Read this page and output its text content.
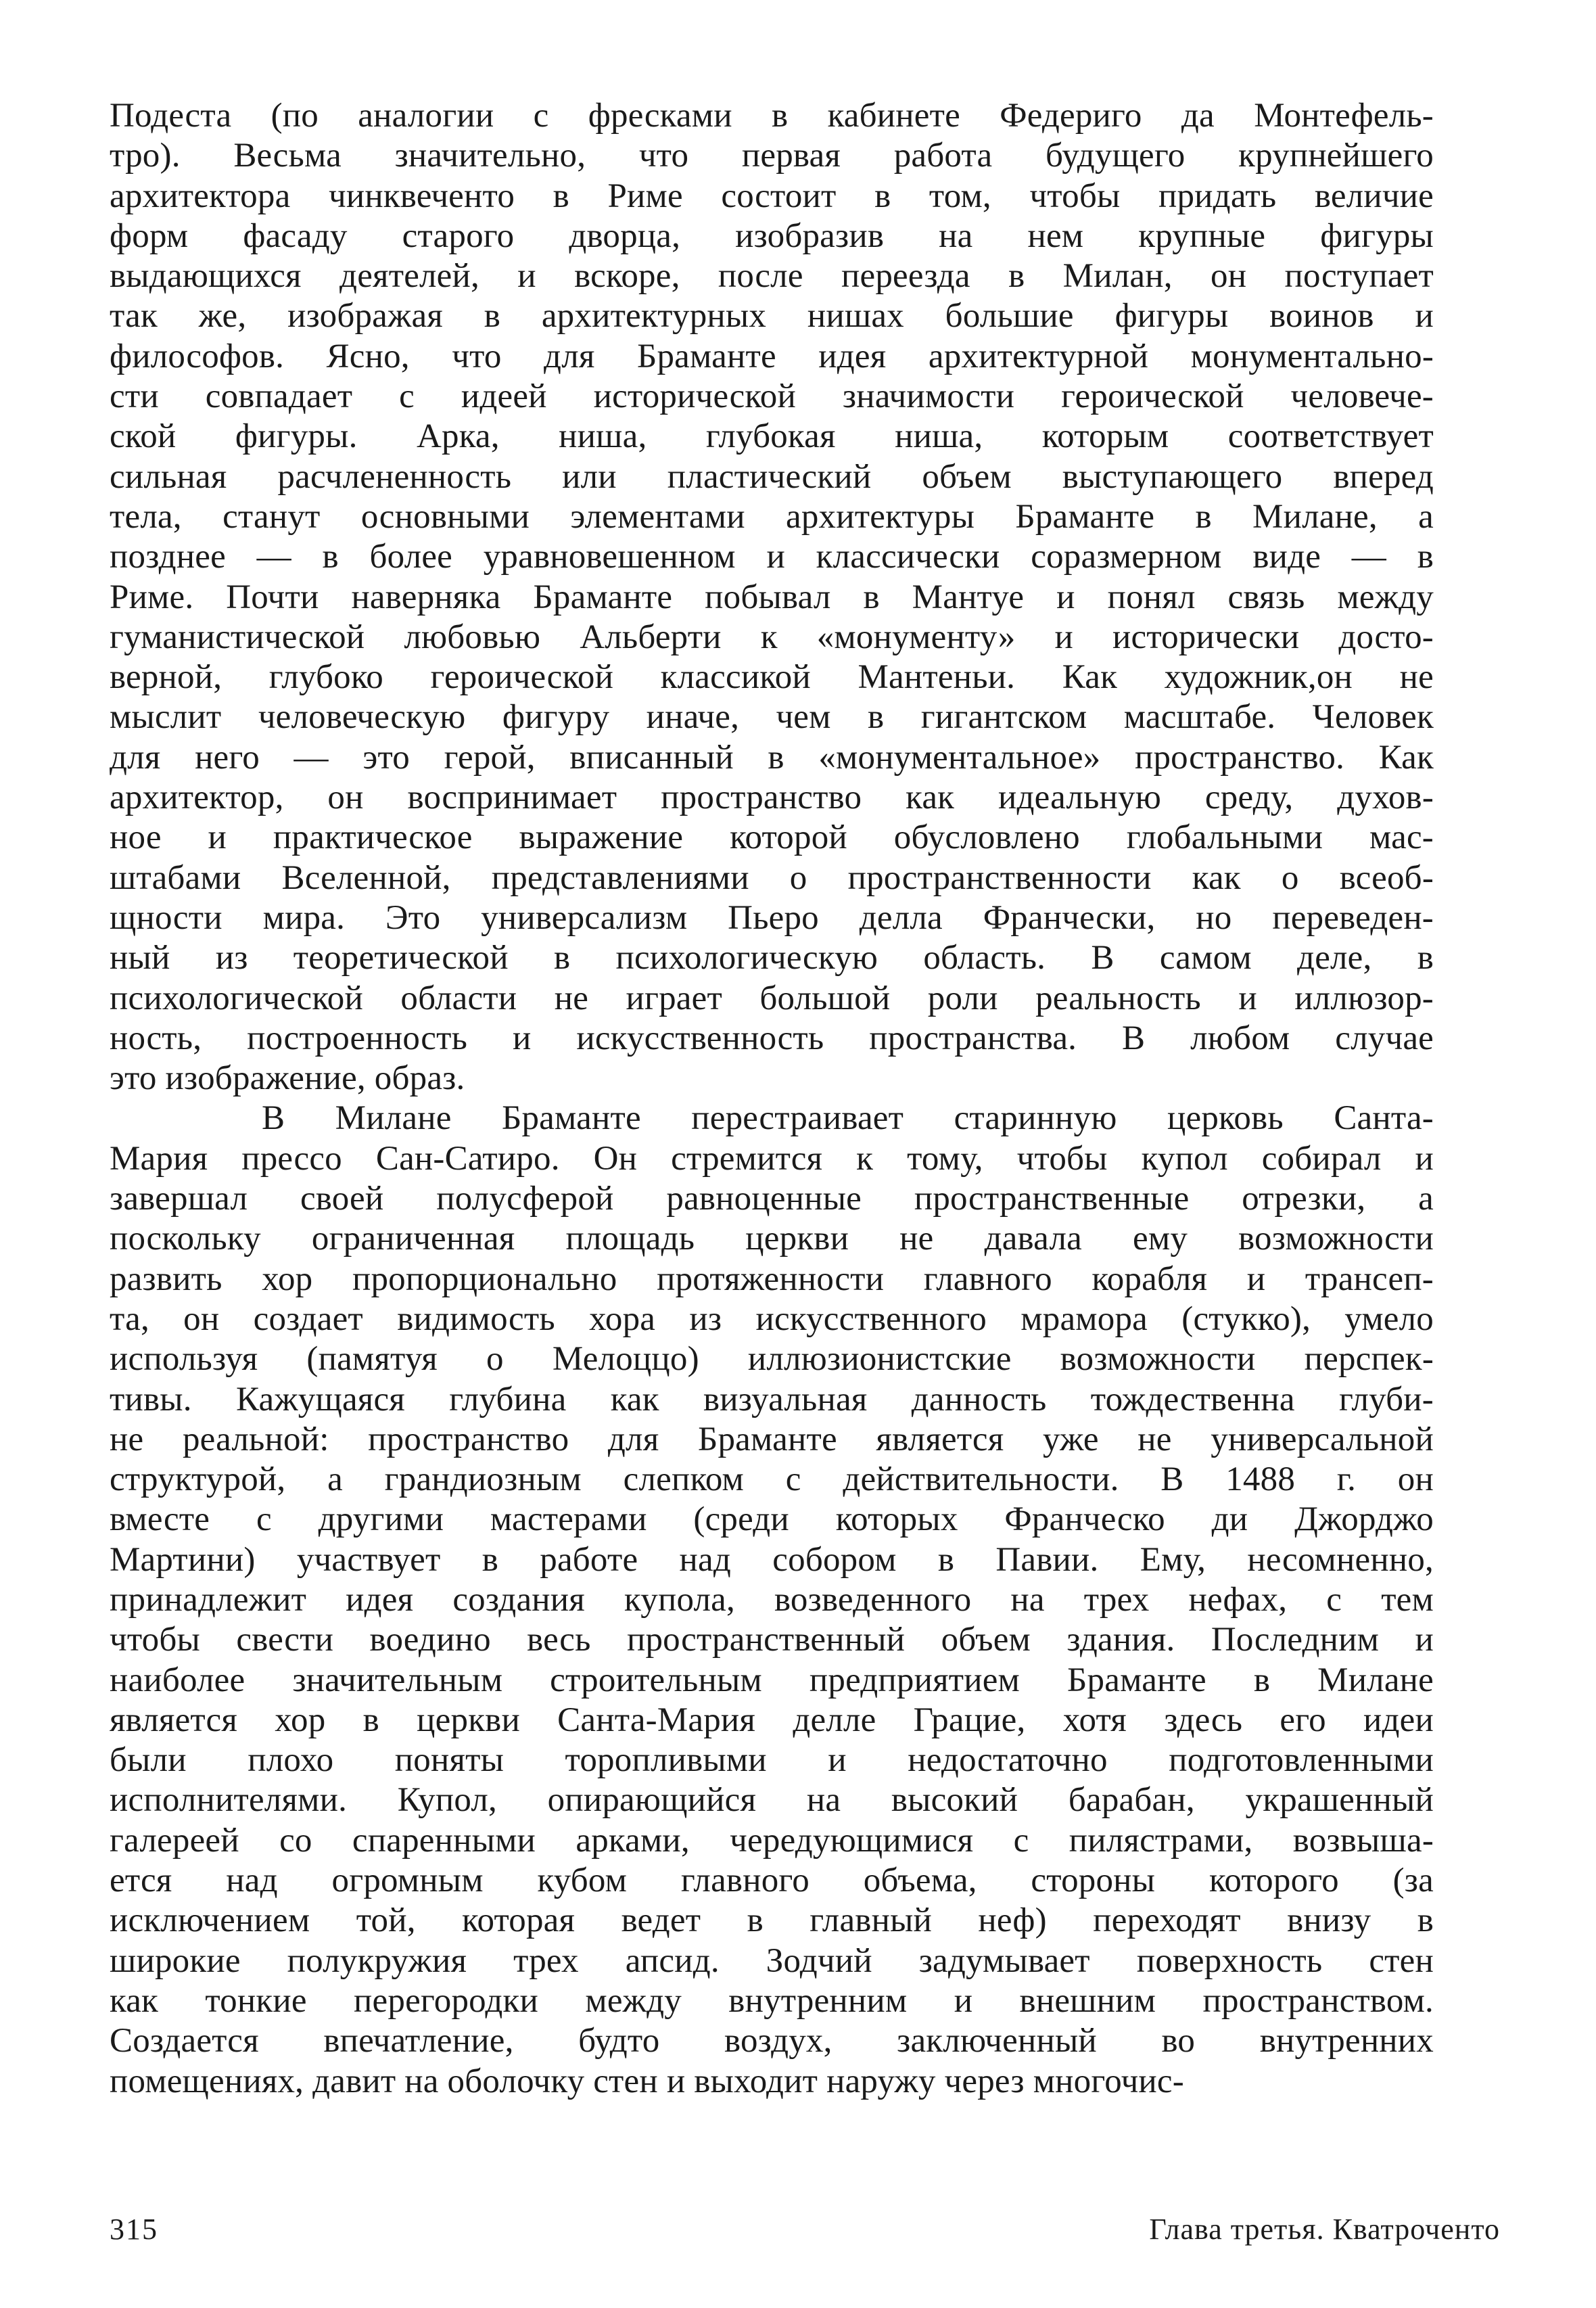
Подеста (по аналогии с фресками в кабинете Федериго да Монтефель-
тро). Весьма значительно, что первая работа будущего крупнейшего
архитектора чинквеченто в Риме состоит в том, чтобы придать величие
форм фасаду старого дворца, изобразив на нем крупные фигуры
выдающихся деятелей, и вскоре, после переезда в Милан, он поступает
так же, изображая в архитектурных нишах большие фигуры воинов и
философов. Ясно, что для Браманте идея архитектурной монументально-
сти совпадает с идеей исторической значимости героической человече-
ской фигуры. Арка, ниша, глубокая ниша, которым соответствует
сильная расчлененность или пластический объем выступающего вперед
тела, станут основными элементами архитектуры Браманте в Милане, а
позднее — в более уравновешенном и классически соразмерном виде — в
Риме. Почти наверняка Браманте побывал в Мантуе и понял связь между
гуманистической любовью Альберти к «монументу» и исторически досто-
верной, глубоко героической классикой Мантеньи. Как художник,он не
мыслит человеческую фигуру иначе, чем в гигантском масштабе. Человек
для него — это герой, вписанный в «монументальное» пространство. Как
архитектор, он воспринимает пространство как идеальную среду, духов-
ное и практическое выражение которой обусловлено глобальными мас-
штабами Вселенной, представлениями о пространственности как о всеоб-
щности мира. Это универсализм Пьеро делла Франчески, но переведен-
ный из теоретической в психологическую область. В самом деле, в
психологической области не играет большой роли реальность и иллюзор-
ность, построенность и искусственность пространства. В любом случае
это изображение, образ.
В Милане Браманте перестраивает старинную церковь Санта-
Мария прессо Сан-Сатиро. Он стремится к тому, чтобы купол собирал и
завершал своей полусферой равноценные пространственные отрезки, а
поскольку ограниченная площадь церкви не давала ему возможности
развить хор пропорционально протяженности главного корабля и трансеп-
та, он создает видимость хора из искусственного мрамора (стукко), умело
используя (памятуя о Мелоццо) иллюзионистские возможности перспек-
тивы. Кажущаяся глубина как визуальная данность тождественна глуби-
не реальной: пространство для Браманте является уже не универсальной
структурой, а грандиозным слепком с действительности. В 1488 г. он
вместе с другими мастерами (среди которых Франческо ди Джорджо
Мартини) участвует в работе над собором в Павии. Ему, несомненно,
принадлежит идея создания купола, возведенного на трех нефах, с тем
чтобы свести воедино весь пространственный объем здания. Последним и
наиболее значительным строительным предприятием Браманте в Милане
является хор в церкви Санта-Мария делле Грацие, хотя здесь его идеи
были плохо поняты торопливыми и недостаточно подготовленными
исполнителями. Купол, опирающийся на высокий барабан, украшенный
галереей со спаренными арками, чередующимися с пилястрами, возвыша-
ется над огромным кубом главного объема, стороны которого (за
исключением той, которая ведет в главный неф) переходят внизу в
широкие полукружия трех апсид. Зодчий задумывает поверхность стен
как тонкие перегородки между внутренним и внешним пространством.
Создается впечатление, будто воздух, заключенный во внутренних
помещениях, давит на оболочку стен и выходит наружу через многочис-
315	Глава третья. Кватроченто
